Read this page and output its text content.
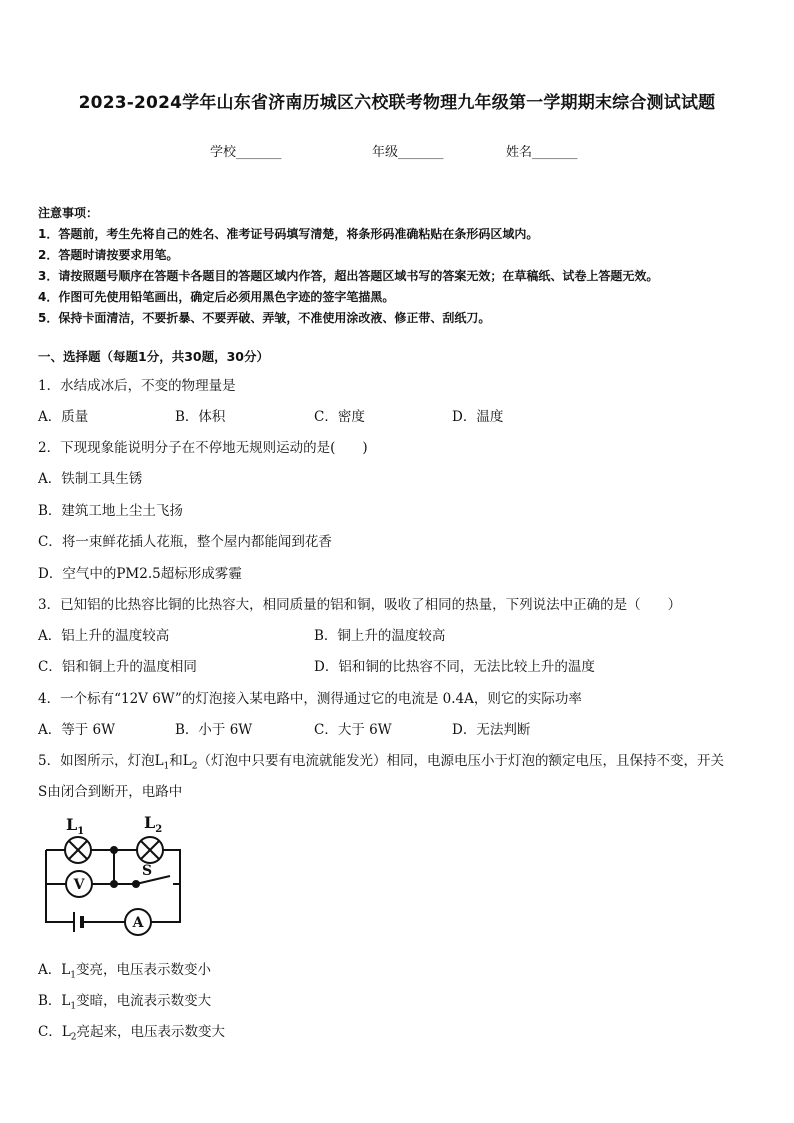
2023-2024学年山东省济南历城区六校联考物理九年级第一学期期末综合测试试题
学校_______	年级_______	姓名_______
注意事项：
1．答题前，考生先将自己的姓名、准考证号码填写清楚，将条形码准确粘贴在条形码区域内。
2．答题时请按要求用笔。
3．请按照题号顺序在答题卡各题目的答题区域内作答，超出答题区域书写的答案无效；在草稿纸、试卷上答题无效。
4．作图可先使用铅笔画出，确定后必须用黑色字迹的签字笔描黑。
5．保持卡面清洁，不要折暴、不要弄破、弄皱，不准使用涂改液、修正带、刮纸刀。
一、选择题（每题1分，共30题，30分）
1．水结成冰后，不变的物理量是
A．质量	B．体积	C．密度	D．温度
2．下现现象能说明分子在不停地无规则运动的是(　　)
A．铁制工具生锈
B．建筑工地上尘土飞扬
C．将一束鲜花插人花瓶，整个屋内都能闻到花香
D．空气中的PM2.5超标形成雾霾
3．已知铝的比热容比铜的比热容大，相同质量的铝和铜，吸收了相同的热量，下列说法中正确的是（　　）
A．铝上升的温度较高	B．铜上升的温度较高
C．铝和铜上升的温度相同	D．铝和铜的比热容不同，无法比较上升的温度
4．一个标有“12V 6W”的灯泡接入某电路中，测得通过它的电流是 0.4A，则它的实际功率
A．等于 6W	B．小于 6W	C．大于 6W	D．无法判断
5．如图所示，灯泡$L_1$和$L_2$（灯泡中只要有电流就能发光）相同，电源电压小于灯泡的额定电压，且保持不变，开关
S由闭合到断开，电路中
V
A
$L_1$	$L_2$
S
A．$L_1$变亮，电压表示数变小
B．$L_1$变暗，电流表示数变大
C．$L_2$亮起来，电压表示数变大
